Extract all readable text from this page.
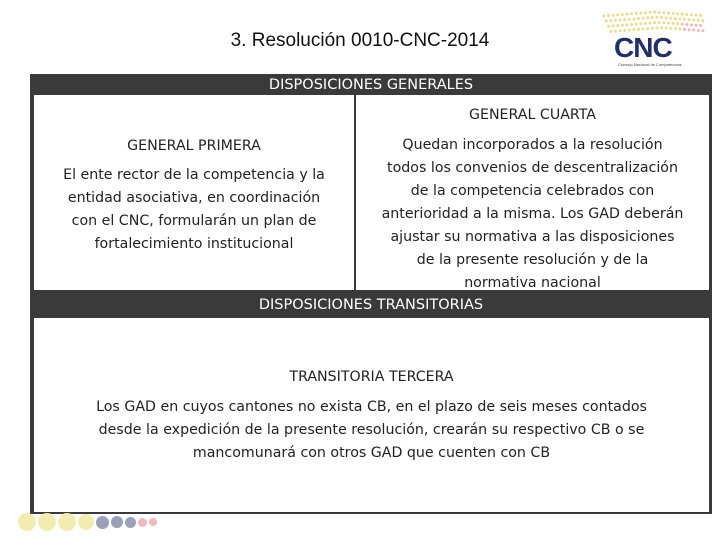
3. Resolución 0010-CNC-2014	CNC
Consejo Nacional de Competencias
DISPOSICIONES GENERALES
GENERAL PRIMERA
El ente rector de la competencia y la
entidad asociativa, en coordinación
con el CNC, formularán un plan de
fortalecimiento institucional
GENERAL CUARTA
Quedan incorporados a la resolución
todos los convenios de descentralización
de la competencia celebrados con
anterioridad a la misma. Los GAD deberán
ajustar su normativa a las disposiciones
de la presente resolución y de la
normativa nacional
DISPOSICIONES TRANSITORIAS
TRANSITORIA TERCERA
Los GAD en cuyos cantones no exista CB, en el plazo de seis meses contados
desde la expedición de la presente resolución, crearán su respectivo CB o se
mancomunará con otros GAD que cuenten con CB
